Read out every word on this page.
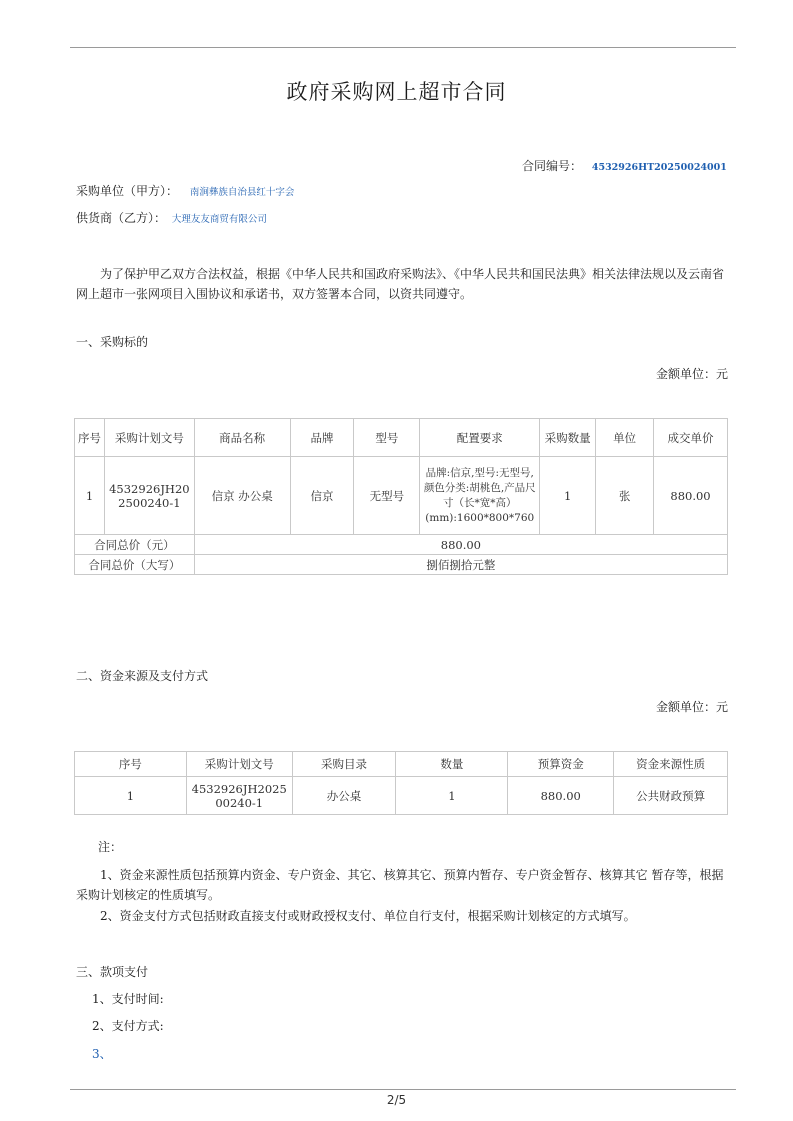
政府采购网上超市合同
合同编号： 4532926HT20250024001
采购单位（甲方）： 南涧彝族自治县红十字会
供货商（乙方）： 大理友友商贸有限公司
为了保护甲乙双方合法权益，根据《中华人民共和国政府采购法》、《中华人民共和国民法典》相关法律法规以及云南省网上超市一张网项目入围协议和承诺书，双方签署本合同，以资共同遵守。
一、采购标的
金额单位：元
序号	采购计划文号	商品名称	品牌	型号	配置要求	采购数量	单位	成交单价
1	4532926JH202500240-1	信京 办公桌	信京	无型号	品牌:信京,型号:无型号,颜色分类:胡桃色,产品尺寸（长*宽*高）(mm):1600*800*760	1	张	880.00
合同总价（元）		880.00						
合同总价（大写）		捌佰捌拾元整						
二、资金来源及支付方式
金额单位：元
序号	采购计划文号	采购目录	数量	预算资金	资金来源性质
1	4532926JH202500240-1	办公桌	1	880.00	公共财政预算
注：
1、资金来源性质包括预算内资金、专户资金、其它、核算其它、预算内暂存、专户资金暂存、核算其它 暂存等，根据采购计划核定的性质填写。
2、资金支付方式包括财政直接支付或财政授权支付、单位自行支付，根据采购计划核定的方式填写。
三、款项支付
1、支付时间:
2、支付方式:
3、
2/5
